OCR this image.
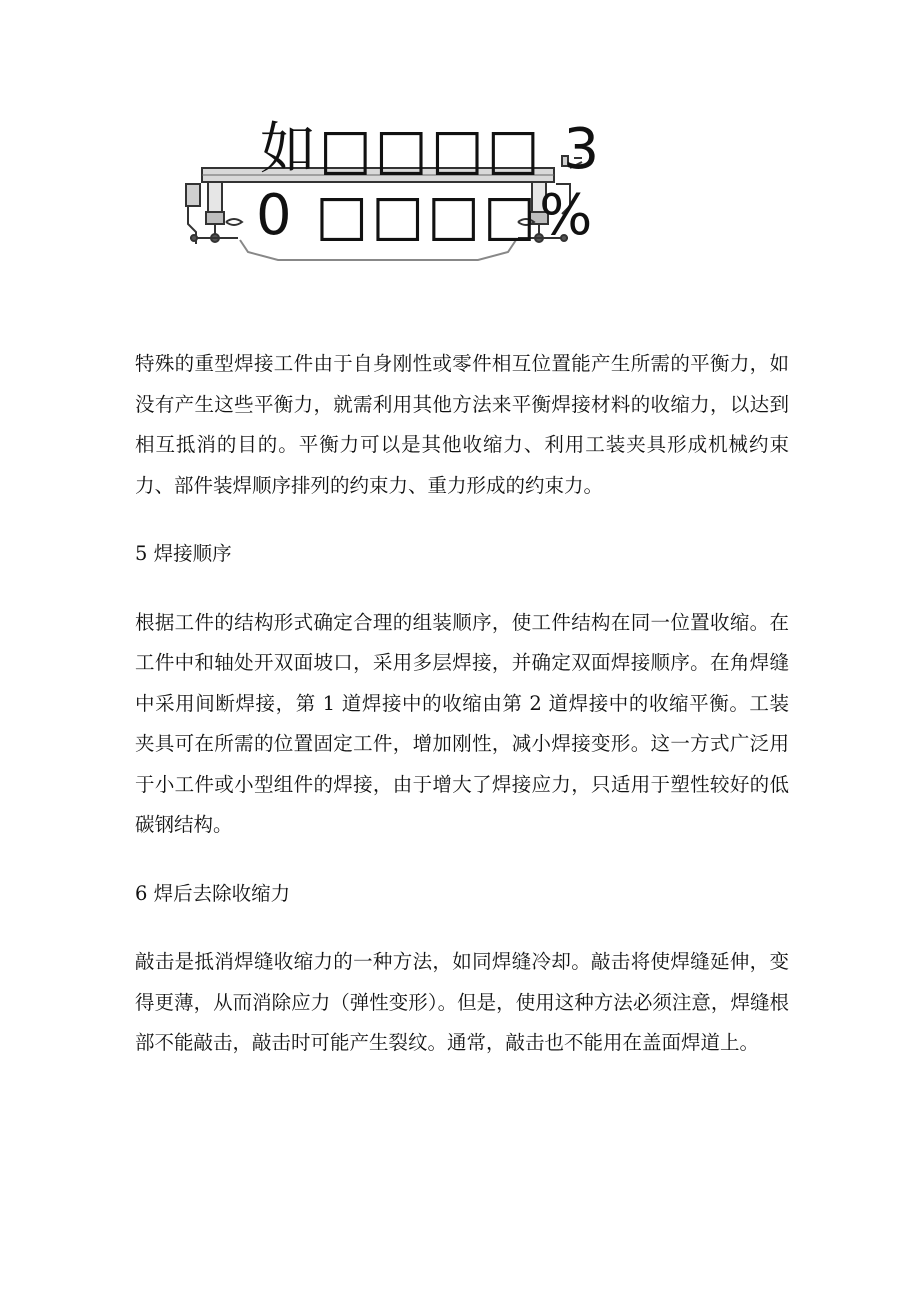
如□□□□ 3
0 □□□□%

特殊的重型焊接工件由于自身刚性或零件相互位置能产生所需的平衡力，如没有产生这些平衡力，就需利用其他方法来平衡焊接材料的收缩力，以达到相互抵消的目的。平衡力可以是其他收缩力、利用工装夹具形成机械约束力、部件装焊顺序排列的约束力、重力形成的约束力。

5 焊接顺序

根据工件的结构形式确定合理的组装顺序，使工件结构在同一位置收缩。在工件中和轴处开双面坡口，采用多层焊接，并确定双面焊接顺序。在角焊缝中采用间断焊接，第 1 道焊接中的收缩由第 2 道焊接中的收缩平衡。工装夹具可在所需的位置固定工件，增加刚性，减小焊接变形。这一方式广泛用于小工件或小型组件的焊接，由于增大了焊接应力，只适用于塑性较好的低碳钢结构。

6 焊后去除收缩力

敲击是抵消焊缝收缩力的一种方法，如同焊缝冷却。敲击将使焊缝延伸，变得更薄，从而消除应力（弹性变形）。但是，使用这种方法必须注意，焊缝根部不能敲击，敲击时可能产生裂纹。通常，敲击也不能用在盖面焊道上。
